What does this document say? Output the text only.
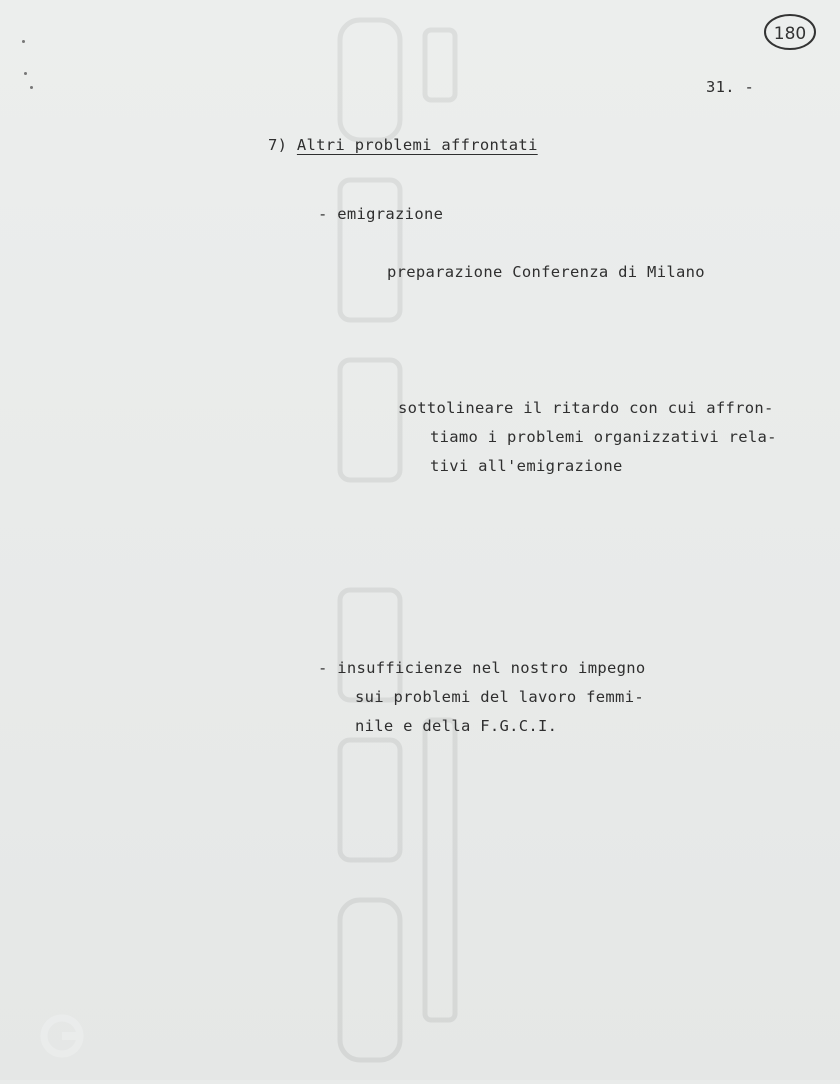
180
31. -
7) Altri problemi affrontati
- emigrazione
preparazione Conferenza di Milano
sottolineare il ritardo con cui affron-
tiamo i problemi organizzativi rela-
tivi all'emigrazione
- insufficienze nel nostro impegno
sui problemi del lavoro femmi-
nile e della F.G.C.I.
